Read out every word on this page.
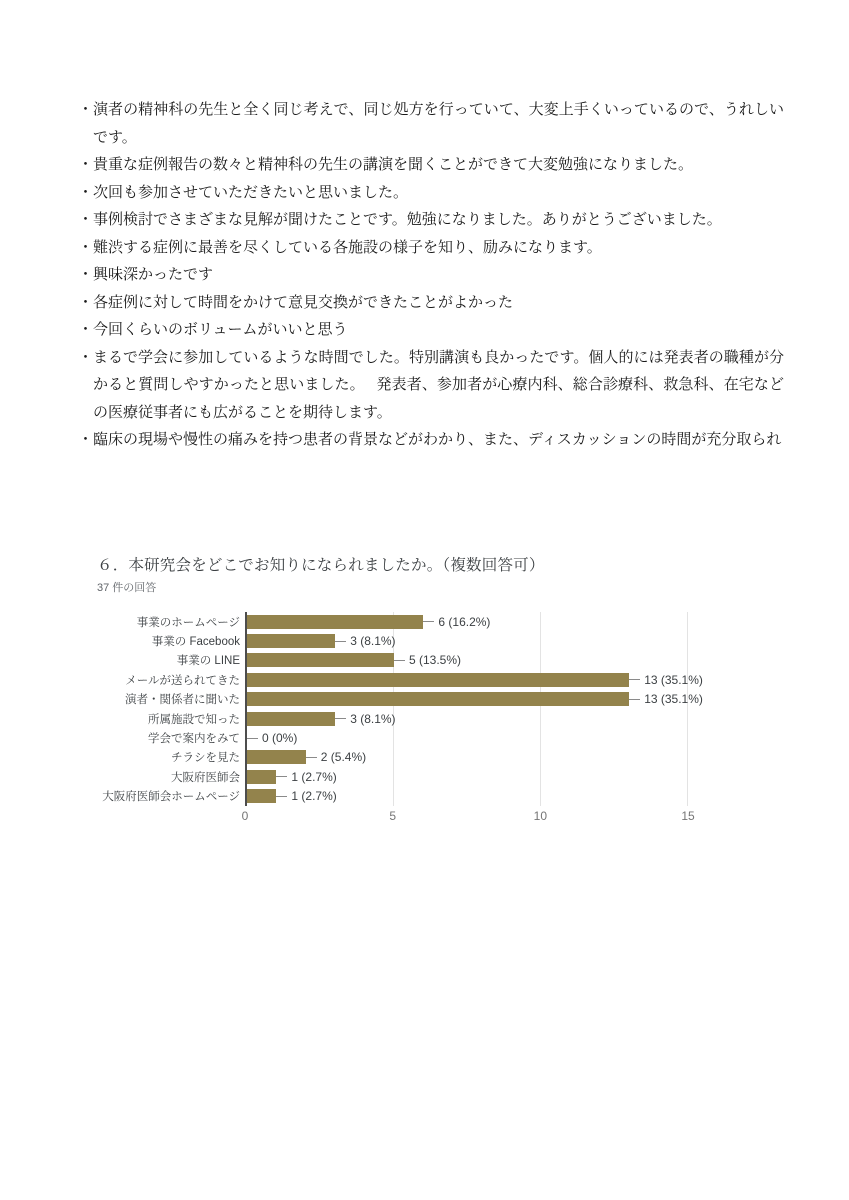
・ 演者の精神科の先生と全く同じ考えで、同じ処方を行っていて、大変上手くいっているので、うれしいです。
・ 貴重な症例報告の数々と精神科の先生の講演を聞くことができて大変勉強になりました。
・ 次回も参加させていただきたいと思いました。
・ 事例検討でさまざまな見解が聞けたことです。勉強になりました。ありがとうございました。
・ 難渋する症例に最善を尽くしている各施設の様子を知り、励みになります。
・ 興味深かったです
・ 各症例に対して時間をかけて意見交換ができたことがよかった
・ 今回くらいのボリュームがいいと思う
・ まるで学会に参加しているような時間でした。特別講演も良かったです。個人的には発表者の職種が分かると質問しやすかったと思いました。　 発表者、参加者が心療内科、総合診療科、救急科、在宅などの医療従事者にも広がることを期待します。
・ 臨床の現場や慢性の痛みを持つ患者の背景などがわかり、また、ディスカッションの時間が充分取られ
６．本研究会をどこでお知りになられましたか。（複数回答可）
37 件の回答
事業のホームページ
事業の Facebook
事業の LINE
メールが送られてきた
演者・関係者に聞いた
所属施設で知った
学会で案内をみて
チラシを見た
大阪府医師会
大阪府医師会ホームページ
0	5	10	15
6 (16.2%)
3 (8.1%)
5 (13.5%)
13 (35.1%)
13 (35.1%)
3 (8.1%)
0 (0%)
2 (5.4%)
1 (2.7%)
1 (2.7%)
